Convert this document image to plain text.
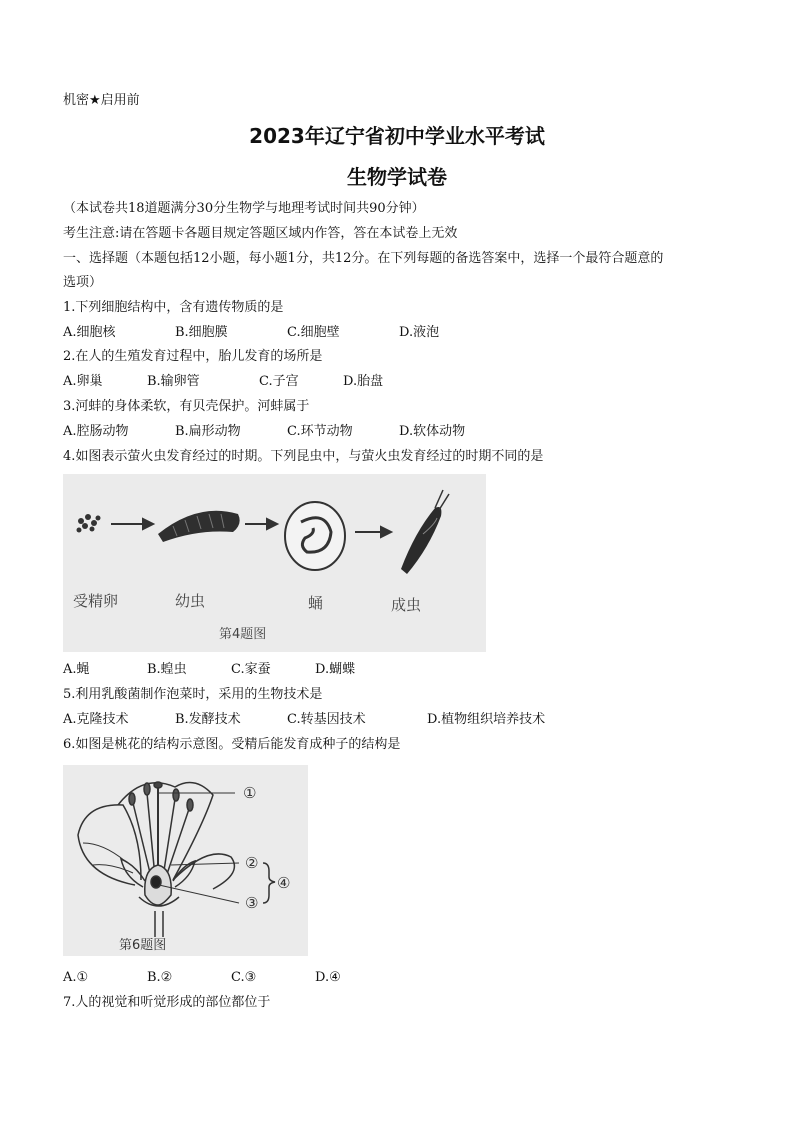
机密★启用前
2023年辽宁省初中学业水平考试
生物学试卷
（本试卷共18道题满分30分生物学与地理考试时间共90分钟）
考生注意:请在答题卡各题目规定答题区域内作答，答在本试卷上无效
一、选择题（本题包括12小题，每小题1分，共12分。在下列每题的备选答案中，选择一个最符合题意的
选项）
1.下列细胞结构中，含有遗传物质的是
A.细胞核	B.细胞膜	C.细胞壁	D.液泡
2.在人的生殖发育过程中，胎儿发育的场所是
A.卵巢	B.输卵管	C.子宫	D.胎盘
3.河蚌的身体柔软，有贝壳保护。河蚌属于
A.腔肠动物	B.扁形动物	C.环节动物	D.软体动物
4.如图表示萤火虫发育经过的时期。下列昆虫中，与萤火虫发育经过的时期不同的是
受精卵	幼虫	蛹	成虫
第4题图
A.蝇	B.蝗虫	C.家蚕	D.蝴蝶
5.利用乳酸菌制作泡菜时，采用的生物技术是
A.克隆技术	B.发酵技术	C.转基因技术	D.植物组织培养技术
6.如图是桃花的结构示意图。受精后能发育成种子的结构是
①
②
③
④
第6题图
A.①	B.②	C.③	D.④
7.人的视觉和听觉形成的部位都位于
